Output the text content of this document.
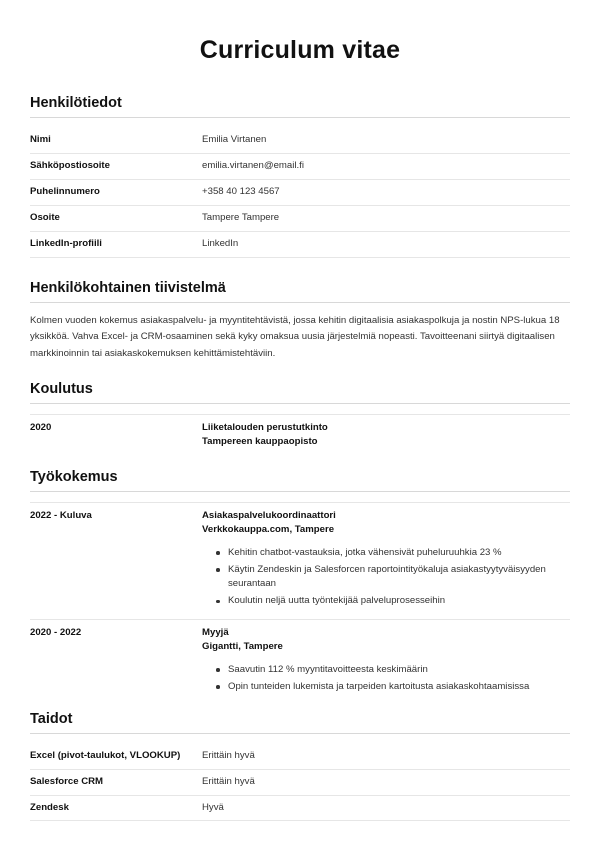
Curriculum vitae
Henkilötiedot
Nimi	Emilia Virtanen
Sähköpostiosoite	emilia.virtanen@email.fi
Puhelinnumero	+358 40 123 4567
Osoite	Tampere Tampere
LinkedIn-profiili	LinkedIn
Henkilökohtainen tiivistelmä

Kolmen vuoden kokemus asiakaspalvelu- ja myyntitehtävistä, jossa kehitin digitaalisia asiakaspolkuja ja nostin NPS-lukua 18 yksikköä. Vahva Excel- ja CRM-osaaminen sekä kyky omaksua uusia järjestelmiä nopeasti. Tavoitteenani siirtyä digitaalisen markkinoinnin tai asiakaskokemuksen kehittämistehtäviin.

Koulutus
2020	Liiketalouden perustutkinto
Tampereen kauppaopisto
Työkokemus
2022 - Kuluva	Asiakaspalvelukoordinaattori
Verkkokauppa.com, Tampere
Kehitin chatbot-vastauksia, jotka vähensivät puheluruuhkia 23 %
Käytin Zendeskin ja Salesforcen raportointityökaluja asiakastyytyväisyyden seurantaan
Koulutin neljä uutta työntekijää palveluprosesseihin
2020 - 2022	Myyjä
Gigantti, Tampere
Saavutin 112 % myyntitavoitteesta keskimäärin
Opin tunteiden lukemista ja tarpeiden kartoitusta asiakaskohtaamisissa
Taidot
Excel (pivot-taulukot, VLOOKUP)	Erittäin hyvä
Salesforce CRM	Erittäin hyvä
Zendesk	Hyvä
